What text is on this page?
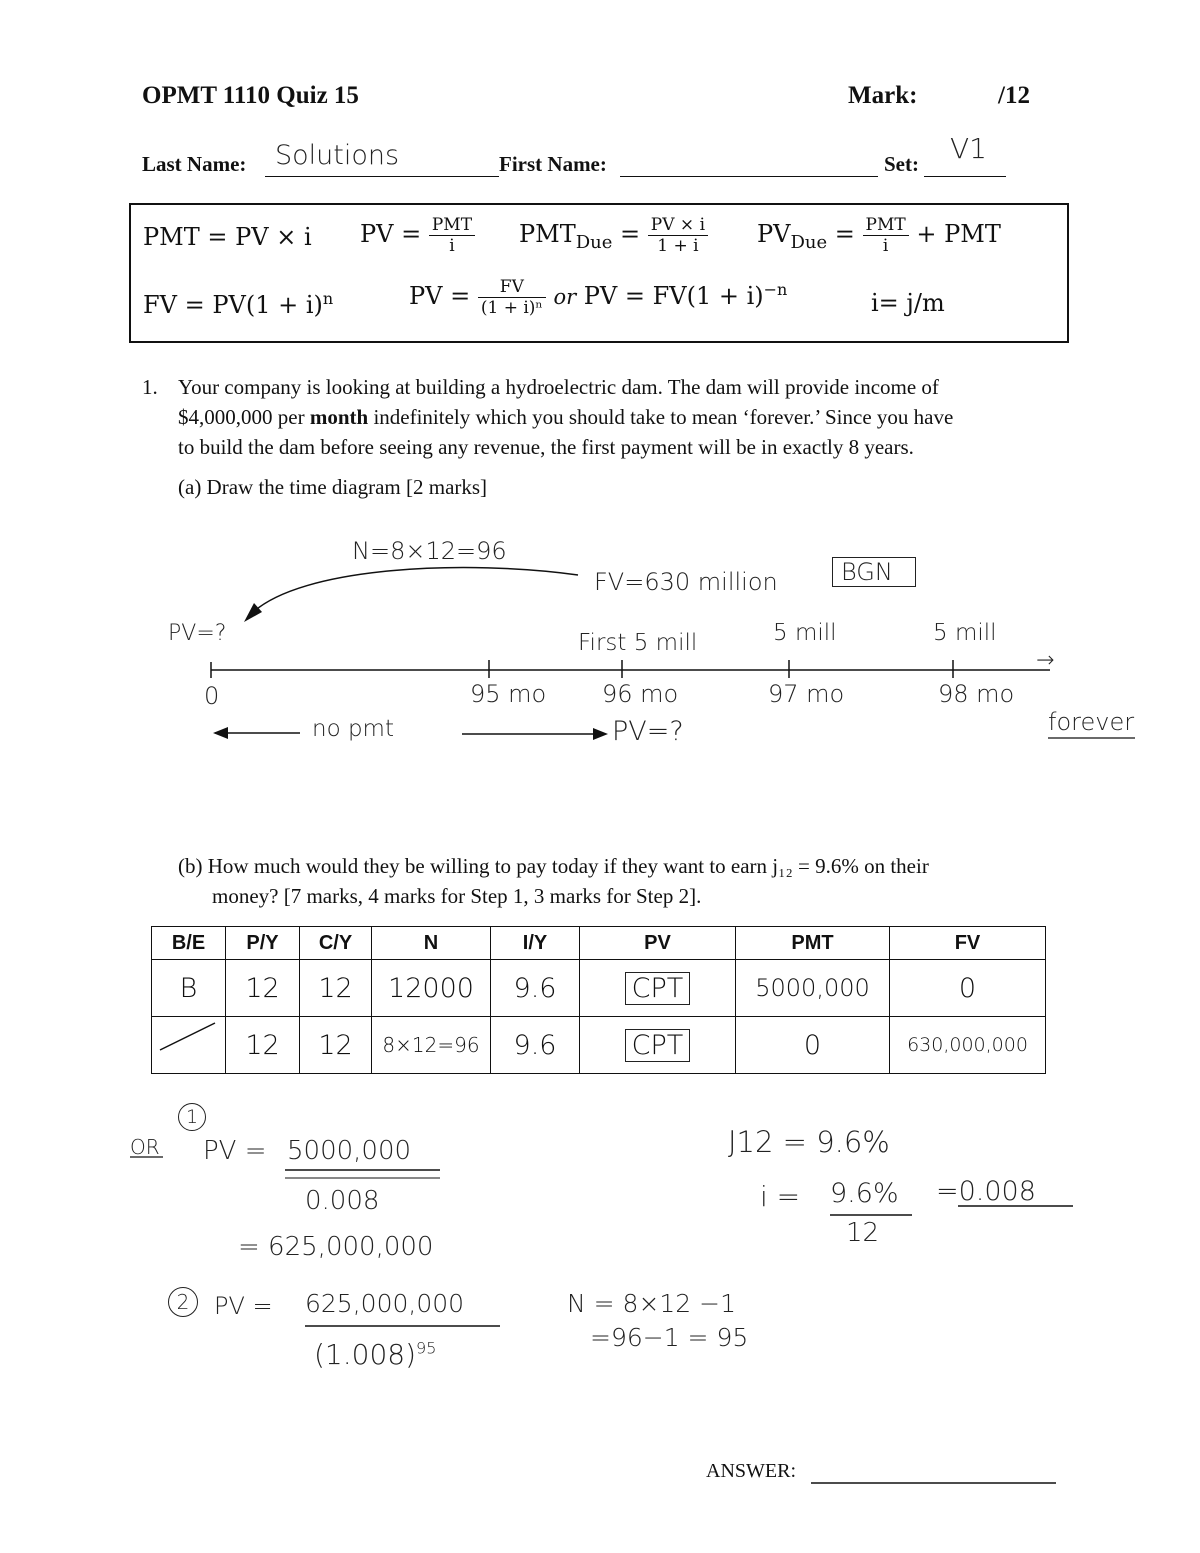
OPMT 1110 Quiz 15	Mark:	/12
Last Name: Solutions	First Name:	Set: V1
PMT = PV × i PV = $\frac{\text{PMT}}{i} PMT_{Due} = \frac{PV \times i}{1 + i} PV_{Due} = \frac{\text{PMT}}{i}$ + PMT
FV = $PV(1 + i)^n$	PV = $\frac{FV}{\text{(1 + i)ⁿ}}$ or PV = $FV(1 + i)^{-n}$	i= j/m
1. Your company is looking at building a hydroelectric dam. The dam will provide income of
$4,000,000 per month indefinitely which you should take to mean ‘forever.’ Since you have
to build the dam before seeing any revenue, the first payment will be in exactly 8 years.
(a) Draw the time diagram [2 marks]
N=8×12=96
FV=630 million	BGN
PV=?	First 5 mill	5 mill	5 mill
0	95 mo 96 mo	97 mo	98 mo
→
no pmt	PV=?	forever
(b) How much would they be willing to pay today if they want to earn j₁₂ = 9.6% on their
money? [7 marks, 4 marks for Step 1, 3 marks for Step 2].
B/E	P/Y	C/Y	N	I/Y	PV	PMT	FV
B	12	12	12000	9.6	CPT	5000,000	0
	12	12	8×12=96	9.6	CPT	0	630,000,000
OR
1
PV = 5000,000
0.008
= 625,000,000
2	PV = 625,000,000
$(1.008)^{95}$
J12 = 9.6%
i = 9.6%
12
=0.008
N = 8×12 −1
=96−1 = 95
ANSWER:
